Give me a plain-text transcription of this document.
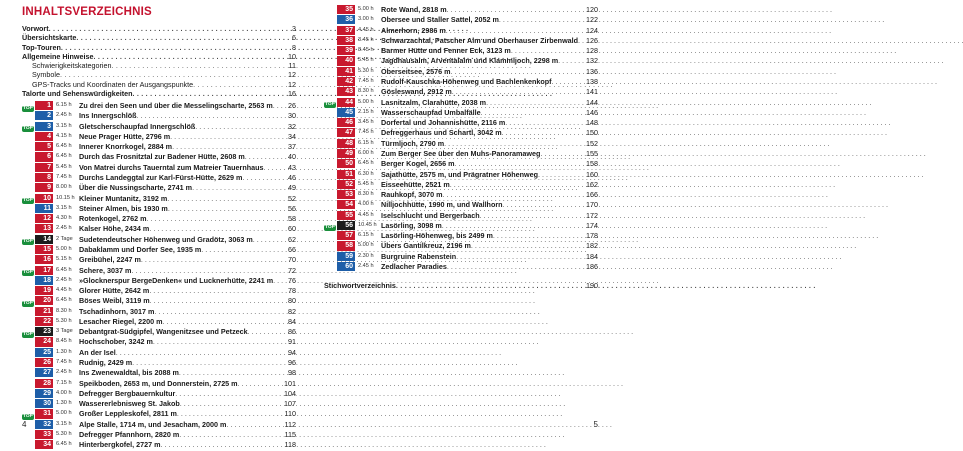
INHALTSVERZEICHNIS
Vorwort . . .	3
Übersichtskarte . . .	6
Top-Touren . . .	8
Allgemeine Hinweise . . .	10
Schwierigkeitskategorien . . .	11
Symbole . . .	12
GPS-Tracks und Koordinaten der Ausgangspunkte . . .	12
Talorte und Sehenswürdigkeiten . . .	16
TOP	1 6.15 h	Zu drei den Seen und über die Messelingscharte, 2563 m . . . 26
2 2.45 h	Ins Innergschlöß . . .	30
TOP	3 3.15 h	Gletscherschaupfad Innergschlöß . . .	32
4 4.15 h	Neue Prager Hütte, 2796 m . . .	34
5 6.45 h	Innerer Knorrkogel, 2884 m . . .	37
6 6.45 h	Durch das Frosnitztal zur Badener Hütte, 2608 m . . .	40
7 5.45 h	Von Matrei durchs Tauerntal zum Matreier Tauernhaus . . .	43
8 7.45 h	Durchs Landeggtal zur Karl-Fürst-Hütte, 2629 m . . .	46
9 8.00 h	Über die Nussingscharte, 2741 m . . .	49
TOP	10 10.15 h Kleiner Muntanitz, 3192 m . . .	52
11 3.15 h	Steiner Almen, bis 1930 m . . .	56
12 4.30 h	Rotenkogel, 2762 m . . .	58
13 2.45 h	Kalser Höhe, 2434 m . . .	60
TOP	14 2 Tage Sudetendeutscher Höhenweg und Gradötz, 3063 m . . .	62
15 5.00 h	Dabaklamm und Dorfer See, 1935 m . . .	66
16 5.15 h	Greibühel, 2247 m . . .	70
TOP	17 6.45 h	Schere, 3037 m . . .	72
18 2.45 h	»Glocknerspur BergeDenken« und Lucknerhütte, 2241 m . . . 76
19 4.45 h	Glorer Hütte, 2642 m . . .	78
TOP	20 6.45 h	Böses Weibl, 3119 m . . .	80
21 8.30 h	Tschadinhorn, 3017 m . . .	82
22 5.30 h	Lesacher Riegel, 2200 m . . .	84
TOP	23 3 Tage Debantgrat-Südgipfel, Wangenitzsee und Petzeck . . .	86
24 8.45 h	Hochschober, 3242 m . . .	91
25 1.30 h	An der Isel . . .	94
26 7.45 h	Rudnig, 2429 m . . .	96
27 2.45 h	Ins Zwenewaldtal, bis 2088 m . . .	98
28 7.15 h	Speikboden, 2653 m, und Donnerstein, 2725 m . . .	101
29 4.00 h	Defregger Bergbauernkultur . . .	104
30 1.30 h	Wassererlebnisweg St. Jakob . . .	107
TOP	31 5.00 h	Großer Leppleskofel, 2811 m . . .	110
32 3.15 h	Alpe Stalle, 1714 m, und Jesacham, 2000 m . . .	112
33 5.30 h	Defregger Pfannhorn, 2820 m . . .	115
34 6.45 h	Hinterbergkofel, 2727 m . . .	118
4
35 5.00 h	Rote Wand, 2818 m . . .	120
36 3.00 h	Obersee und Staller Sattel, 2052 m . . .	122
37 4.45 h	Almerhorn, 2986 m . . .	124
38 3.45 h	Schwarzachtal, Patscher Alm und Oberhauser Zirbenwald . . . 126
39 8.45 h	Barmer Hütte und Fenner Eck, 3123 m . . .	128
40 5.45 h	Jagdhausalm, Arventalalm und Klammljoch, 2298 m . . .	132
41 5.30 h	Oberseitsee, 2576 m . . .	136
42 7.45 h	Rudolf-Kauschka-Höhenweg und Bachlenkenkopf . . .	138
43 8.30 h	Gösleswand, 2912 m . . .	141
TOP	44 5.00 h	Lasnitzalm, Clarahütte, 2038 m . . .	144
45 2.15 h	Wasserschaupfad Umbalfälle . . .	146
46 3.45 h	Dorfertal und Johannishütte, 2116 m . . .	148
47 7.45 h	Defreggerhaus und Schartl, 3042 m . . .	150
48 6.15 h	Türmljoch, 2790 m . . .	152
49 6.00 h	Zum Berger See über den Muhs-Panoramaweg . . .	155
50 6.45 h	Berger Kogel, 2656 m . . .	158
51 6.30 h	Sajathütte, 2575 m, und Prägratner Höhenweg . . .	160
52 5.45 h	Eisseehütte, 2521 m . . .	162
53 8.30 h	Rauhkopf, 3070 m . . .	166
54 4.00 h	Nilljochhütte, 1990 m, und Wallhorn . . .	170
55 4.45 h	Iselschlucht und Bergerbach . . .	172
TOP	56 10.45 h Lasörling, 3098 m . . .	174
57 6.15 h	Lasörling-Höhenweg, bis 2499 m . . .	178
58 5.00 h	Übers Gantilkreuz, 2196 m . . .	182
59 2.30 h	Burgruine Rabenstein . . .	184
60 2.45 h	Zedlacher Paradies . . .	186
Stichwortverzeichnis . . .	190
5
